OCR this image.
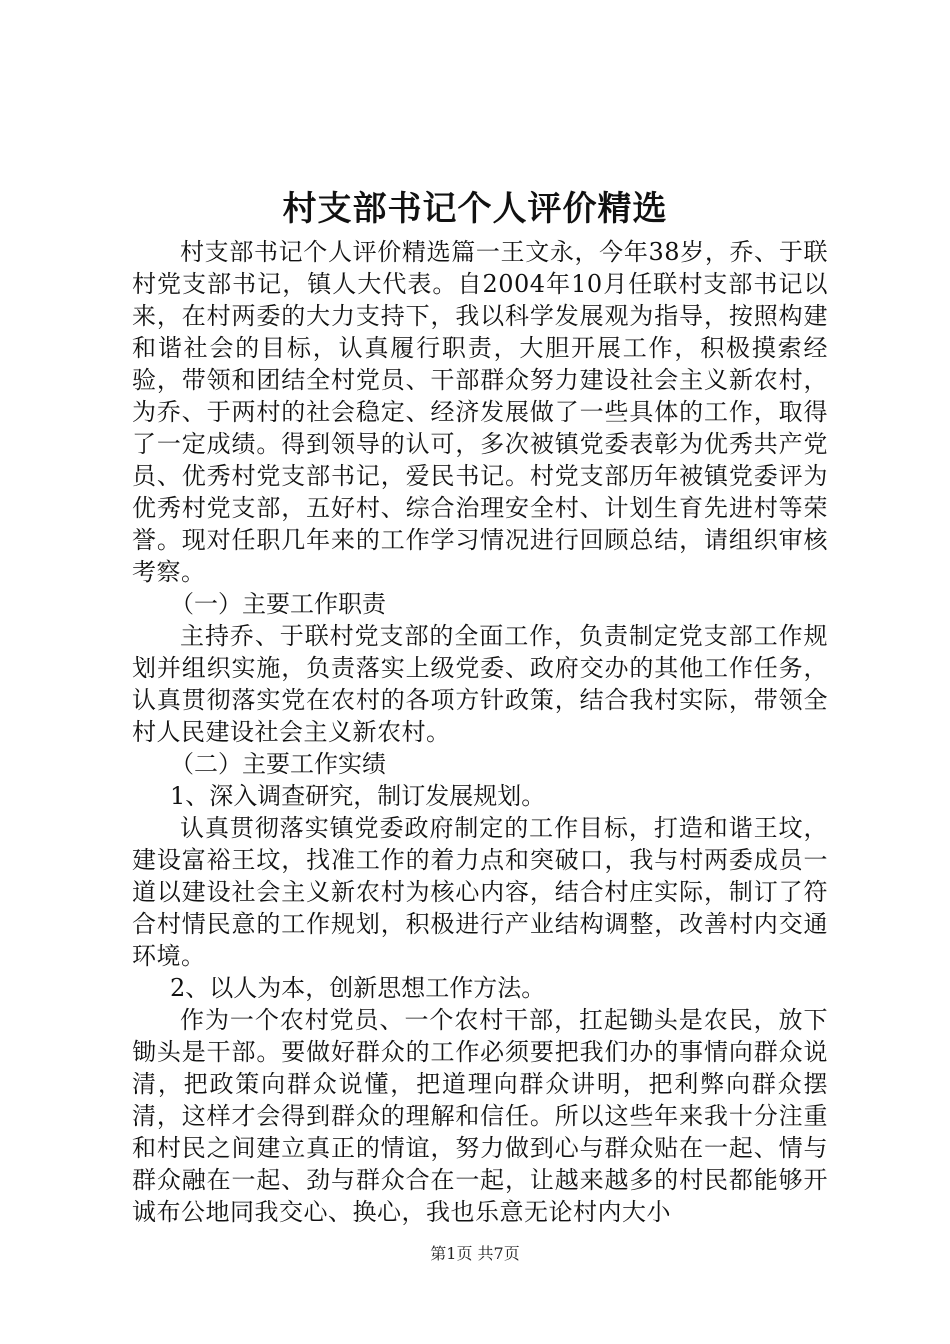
村支部书记个人评价精选

村支部书记个人评价精选篇一王文永，今年38岁，乔、于联村党支部书记，镇人大代表。自2004年10月任联村支部书记以来，在村两委的大力支持下，我以科学发展观为指导，按照构建和谐社会的目标，认真履行职责，大胆开展工作，积极摸索经验，带领和团结全村党员、干部群众努力建设社会主义新农村，为乔、于两村的社会稳定、经济发展做了一些具体的工作，取得了一定成绩。得到领导的认可，多次被镇党委表彰为优秀共产党员、优秀村党支部书记，爱民书记。村党支部历年被镇党委评为优秀村党支部，五好村、综合治理安全村、计划生育先进村等荣誉。现对任职几年来的工作学习情况进行回顾总结，请组织审核考察。

（一）主要工作职责

主持乔、于联村党支部的全面工作，负责制定党支部工作规划并组织实施，负责落实上级党委、政府交办的其他工作任务，认真贯彻落实党在农村的各项方针政策，结合我村实际，带领全村人民建设社会主义新农村。

（二）主要工作实绩

1、深入调查研究，制订发展规划。

认真贯彻落实镇党委政府制定的工作目标，打造和谐王坟，建设富裕王坟，找准工作的着力点和突破口，我与村两委成员一道以建设社会主义新农村为核心内容，结合村庄实际，制订了符合村情民意的工作规划，积极进行产业结构调整，改善村内交通环境。

2、以人为本，创新思想工作方法。

作为一个农村党员、一个农村干部，扛起锄头是农民，放下锄头是干部。要做好群众的工作必须要把我们办的事情向群众说清，把政策向群众说懂，把道理向群众讲明，把利弊向群众摆清，这样才会得到群众的理解和信任。所以这些年来我十分注重和村民之间建立真正的情谊，努力做到心与群众贴在一起、情与群众融在一起、劲与群众合在一起，让越来越多的村民都能够开诚布公地同我交心、换心，我也乐意无论村内大小

第1页 共7页
